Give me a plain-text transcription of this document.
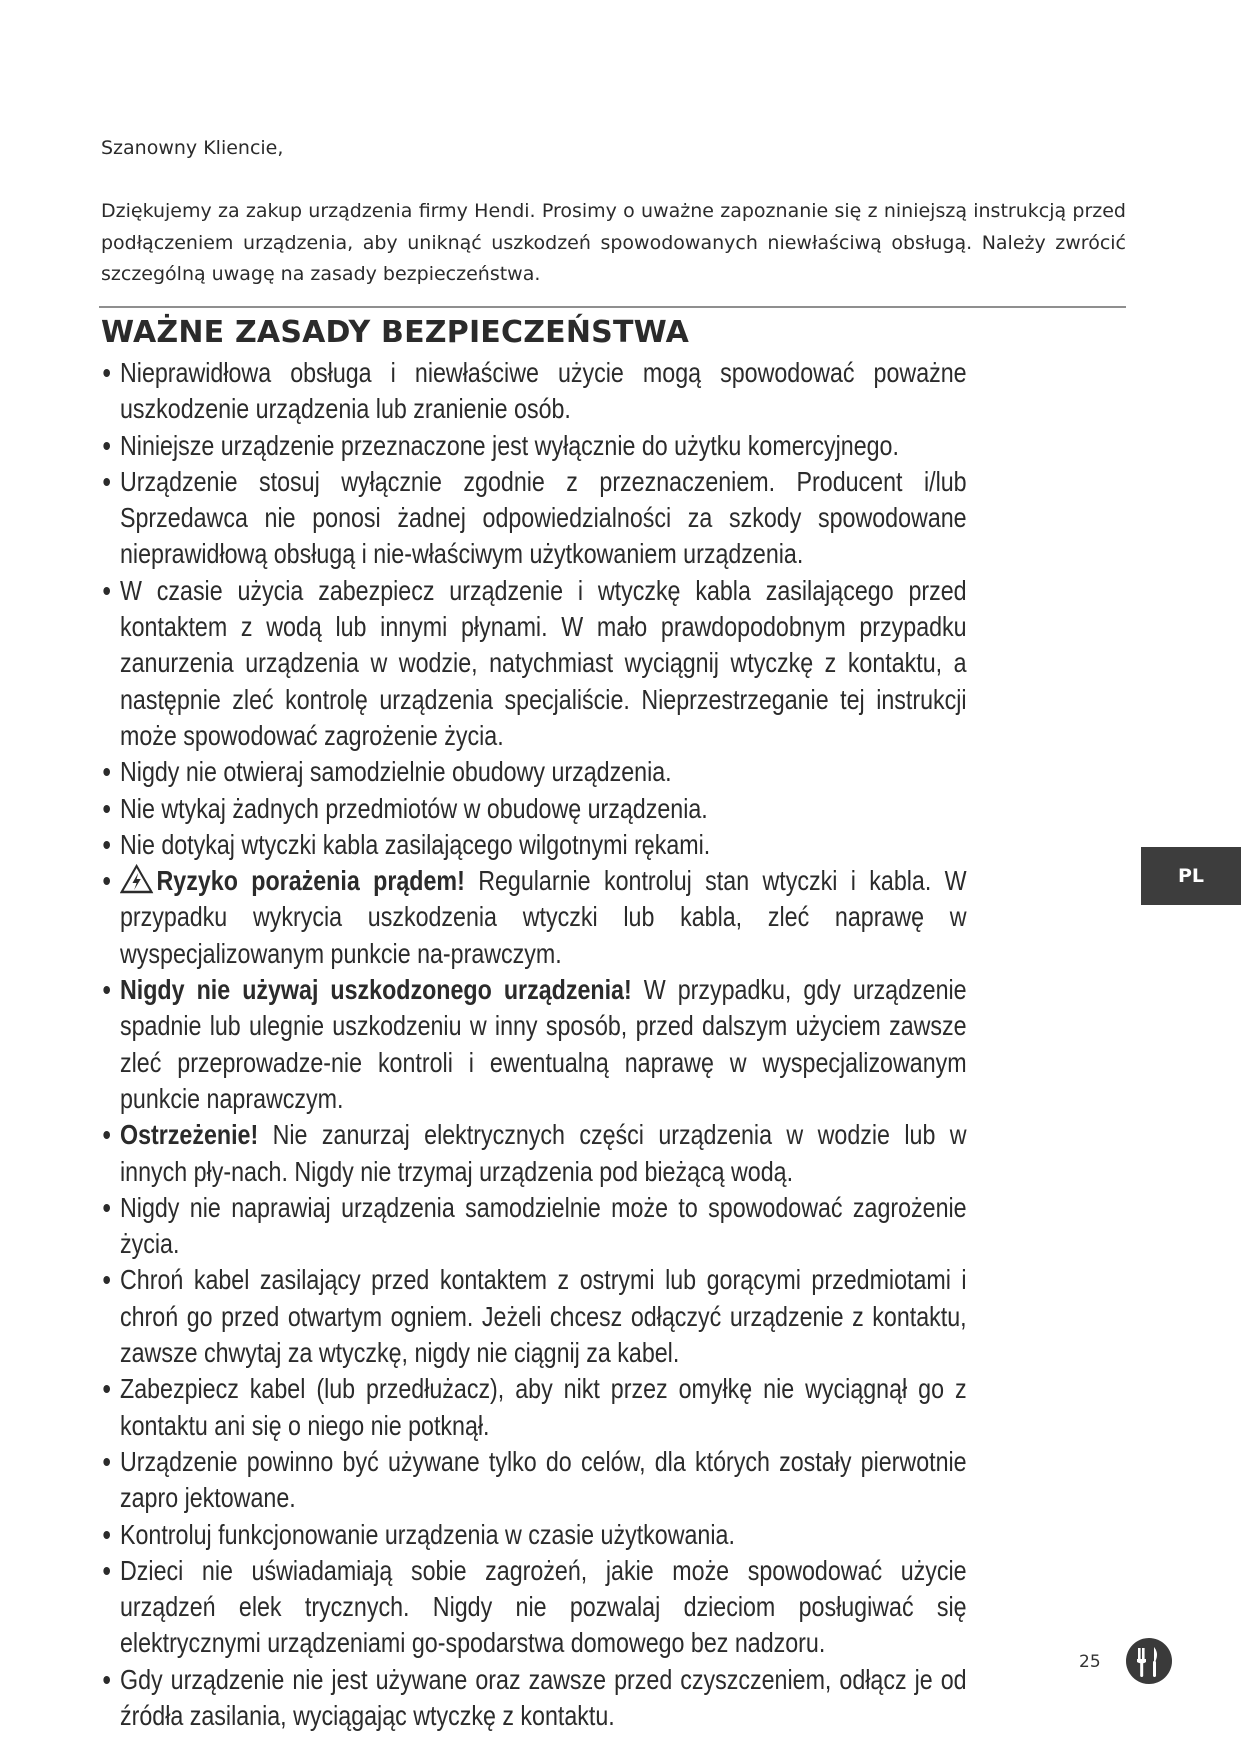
Szanowny Kliencie,

Dziękujemy za zakup urządzenia firmy Hendi. Prosimy o uważne zapoznanie się z niniejszą instrukcją przed podłączeniem urządzenia, aby uniknąć uszkodzeń spowodowanych niewłaściwą obsługą. Należy zwrócić szczególną uwagę na zasady bezpieczeństwa.

WAŻNE ZASADY BEZPIECZEŃSTWA
• Nieprawidłowa obsługa i niewłaściwe użycie mogą spowodować poważne uszkodzenie urządzenia lub zranienie osób.
• Niniejsze urządzenie przeznaczone jest wyłącznie do użytku komercyjnego.
• Urządzenie stosuj wyłącznie zgodnie z przeznaczeniem. Producent i/lub Sprzedawca nie ponosi żadnej odpowiedzialności za szkody spowodowane nieprawidłową obsługą i nie-właściwym użytkowaniem urządzenia.
• W czasie użycia zabezpiecz urządzenie i wtyczkę kabla zasilającego przed kontaktem z wodą lub innymi płynami. W mało prawdopodobnym przypadku zanurzenia urządzenia w wodzie, natychmiast wyciągnij wtyczkę z kontaktu, a następnie zleć kontrolę urządzenia specjaliście. Nieprzestrzeganie tej instrukcji może spowodować zagrożenie życia.
• Nigdy nie otwieraj samodzielnie obudowy urządzenia.
• Nie wtykaj żadnych przedmiotów w obudowę urządzenia.
• Nie dotykaj wtyczki kabla zasilającego wilgotnymi rękami.
• Ryzyko porażenia prądem! Regularnie kontroluj stan wtyczki i kabla. W przypadku wykrycia uszkodzenia wtyczki lub kabla, zleć naprawę w wyspecjalizowanym punkcie na-prawczym.
• Nigdy nie używaj uszkodzonego urządzenia! W przypadku, gdy urządzenie spadnie lub ulegnie uszkodzeniu w inny sposób, przed dalszym użyciem zawsze zleć przeprowadze-nie kontroli i ewentualną naprawę w wyspecjalizowanym punkcie naprawczym.
• Ostrzeżenie! Nie zanurzaj elektrycznych części urządzenia w wodzie lub w innych pły-nach. Nigdy nie trzymaj urządzenia pod bieżącą wodą.
• Nigdy nie naprawiaj urządzenia samodzielnie może to spowodować zagrożenie życia.
• Chroń kabel zasilający przed kontaktem z ostrymi lub gorącymi przedmiotami i chroń go przed otwartym ogniem. Jeżeli chcesz odłączyć urządzenie z kontaktu, zawsze chwytaj za wtyczkę, nigdy nie ciągnij za kabel.
• Zabezpiecz kabel (lub przedłużacz), aby nikt przez omyłkę nie wyciągnął go z kontaktu ani się o niego nie potknął.
• Urządzenie powinno być używane tylko do celów, dla których zostały pierwotnie zapro jektowane.
• Kontroluj funkcjonowanie urządzenia w czasie użytkowania.
• Dzieci nie uświadamiają sobie zagrożeń, jakie może spowodować użycie urządzeń elek trycznych. Nigdy nie pozwalaj dzieciom posługiwać się elektrycznymi urządzeniami go-spodarstwa domowego bez nadzoru.
• Gdy urządzenie nie jest używane oraz zawsze przed czyszczeniem, odłącz je od źródła zasilania, wyciągając wtyczkę z kontaktu.
PL
25
